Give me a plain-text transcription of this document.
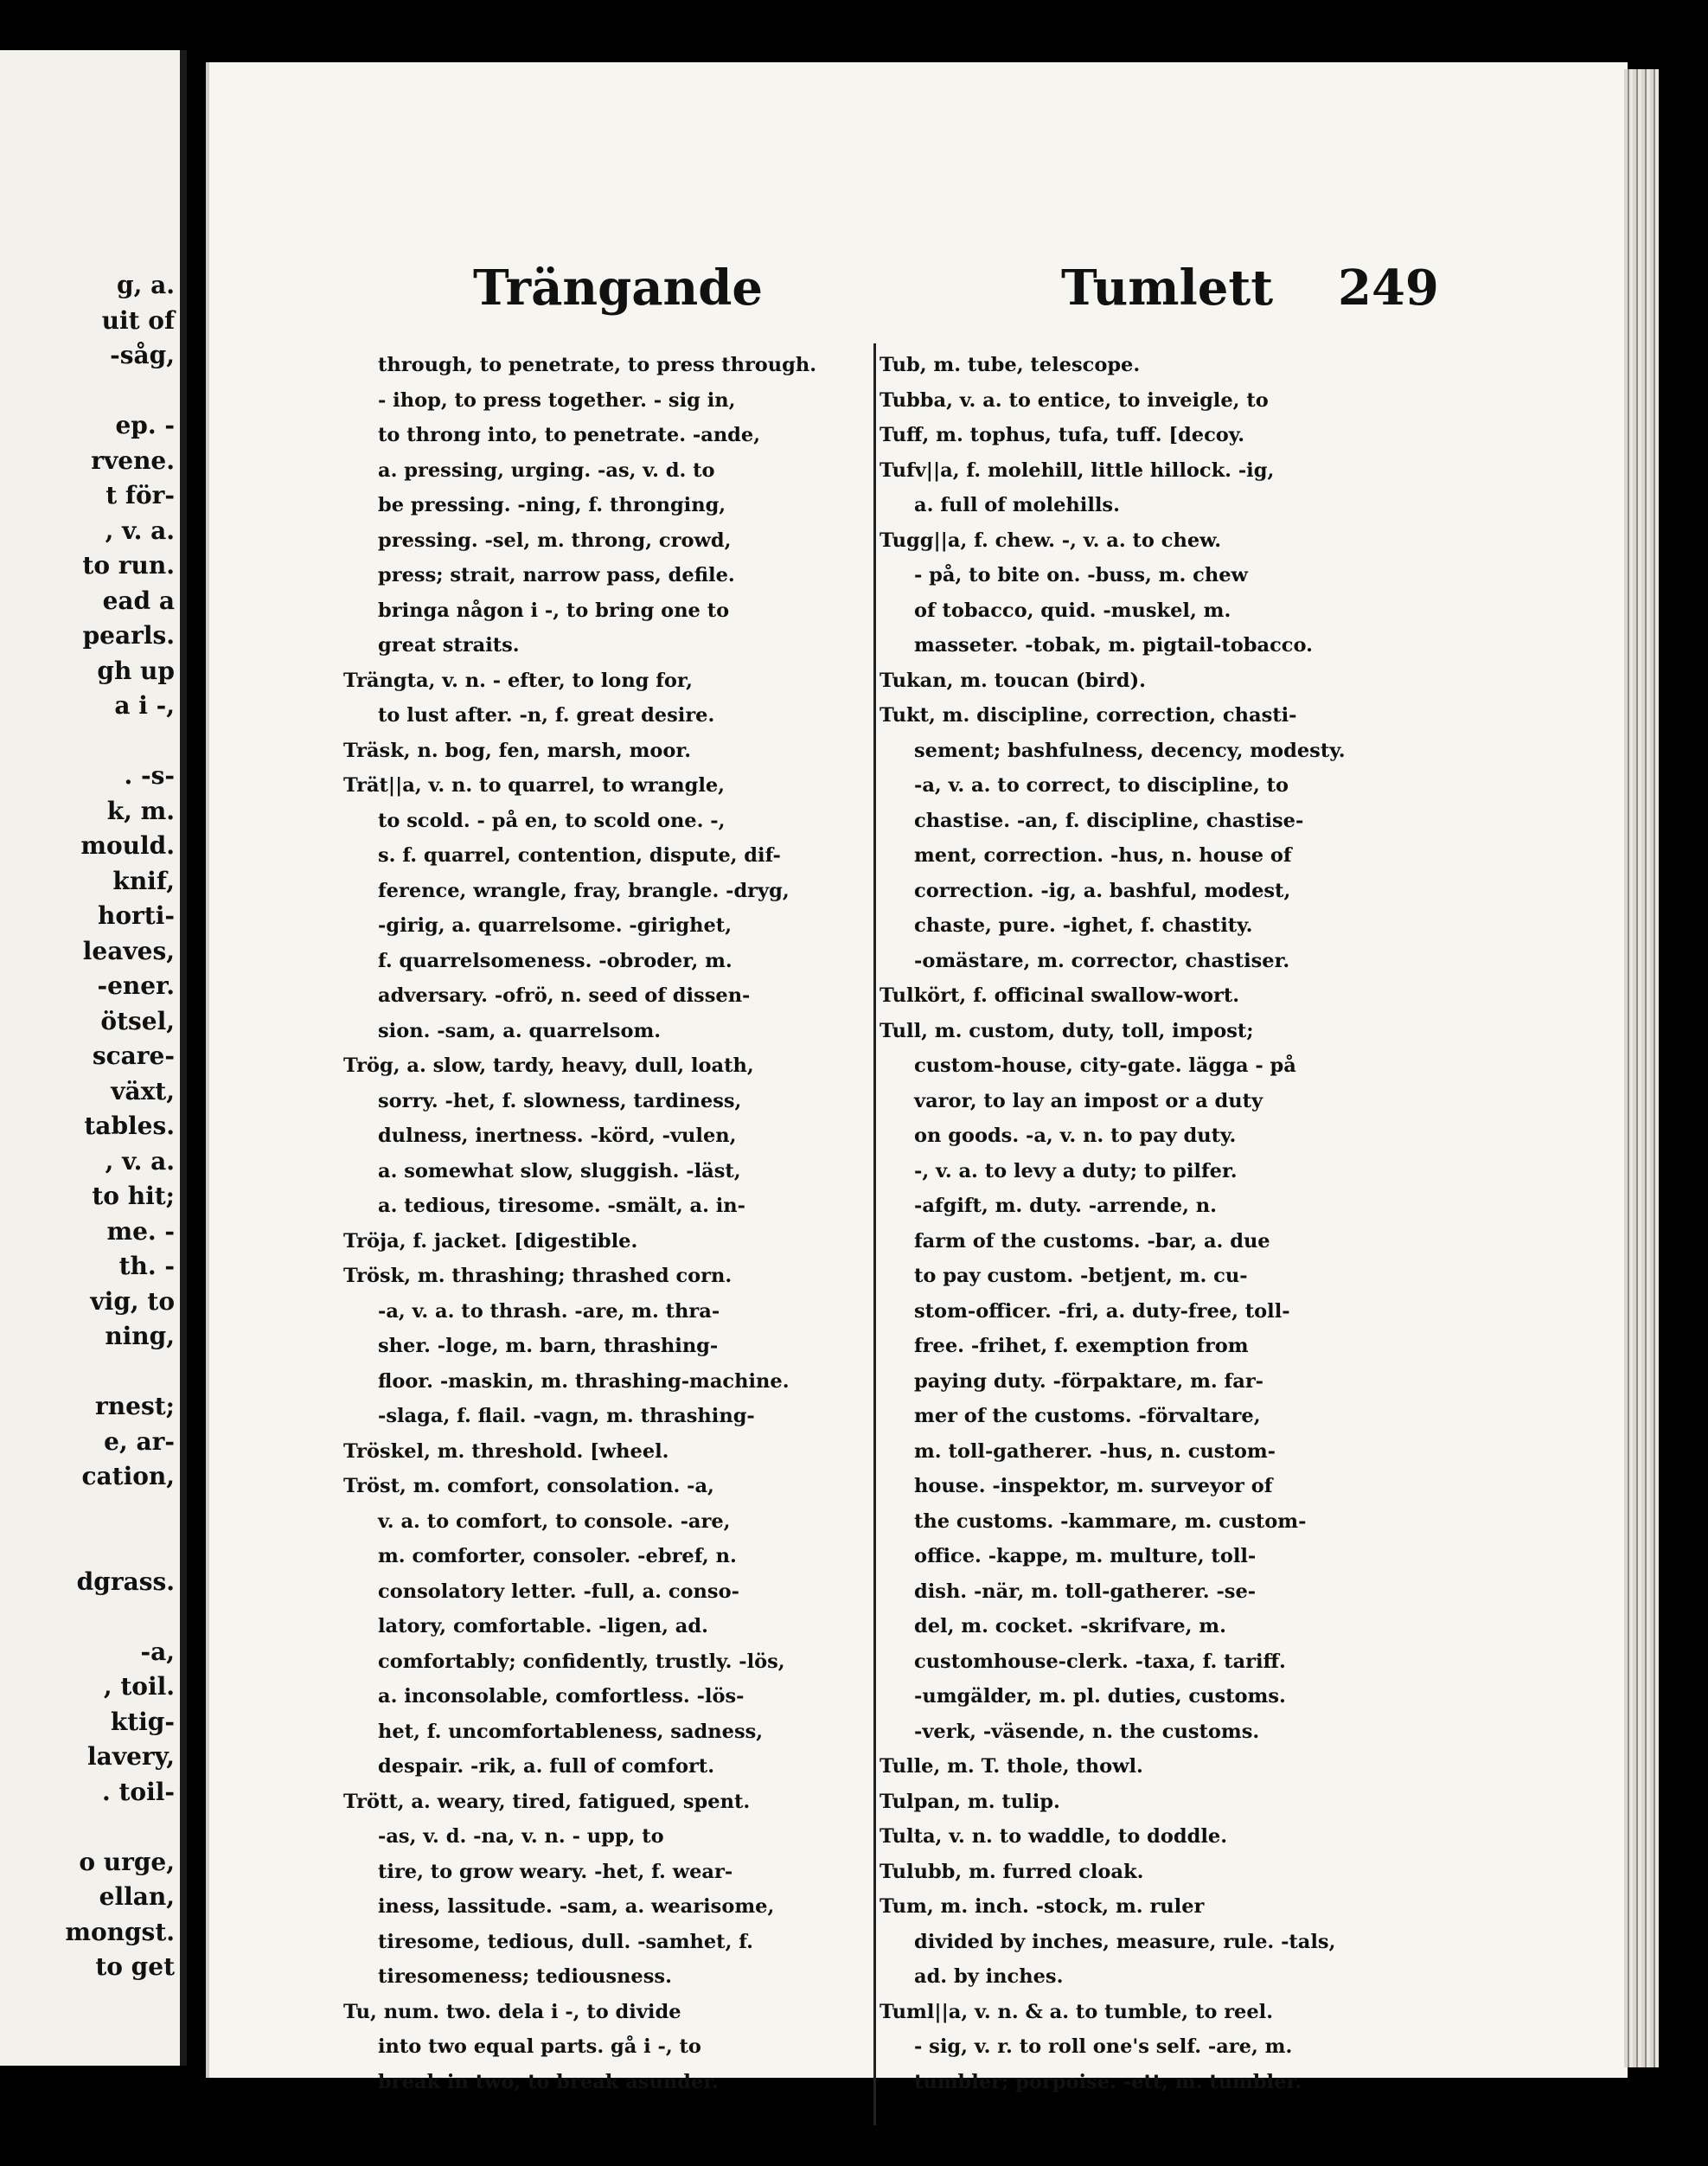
g, a.
uit of
-såg,
ep. -
rvene.
t för-
, v. a.
to run.
ead a
pearls.
gh up
a i -,
. -s-
k, m.
mould.
knif,
horti-
leaves,
-ener.
ötsel,
scare-
växt,
tables.
, v. a.
to hit;
me. -
th. -
vig, to
ning,
rnest;
e, ar-
cation,
dgrass.
-a,
, toil.
ktig-
lavery,
. toil-
o urge,
ellan,
mongst.
to get
Trängande	Tumlett 249
through, to penetrate, to press through.
- ihop, to press together. - sig in,
to throng into, to penetrate. -ande,
a. pressing, urging. -as, v. d. to
be pressing. -ning, f. thronging,
pressing. -sel, m. throng, crowd,
press; strait, narrow pass, defile.
bringa någon i -, to bring one to
great straits.
Trängta, v. n. - efter, to long for,
to lust after. -n, f. great desire.
Träsk, n. bog, fen, marsh, moor.
Trät||a, v. n. to quarrel, to wrangle,
to scold. - på en, to scold one. -,
s. f. quarrel, contention, dispute, dif-
ference, wrangle, fray, brangle. -dryg,
-girig, a. quarrelsome. -girighet,
f. quarrelsomeness. -obroder, m.
adversary. -ofrö, n. seed of dissen-
sion. -sam, a. quarrelsom.
Trög, a. slow, tardy, heavy, dull, loath,
sorry. -het, f. slowness, tardiness,
dulness, inertness. -körd, -vulen,
a. somewhat slow, sluggish. -läst,
a. tedious, tiresome. -smält, a. in-
Tröja, f. jacket. [digestible.
Trösk, m. thrashing; thrashed corn.
-a, v. a. to thrash. -are, m. thra-
sher. -loge, m. barn, thrashing-
floor. -maskin, m. thrashing-machine.
-slaga, f. flail. -vagn, m. thrashing-
Tröskel, m. threshold. [wheel.
Tröst, m. comfort, consolation. -a,
v. a. to comfort, to console. -are,
m. comforter, consoler. -ebref, n.
consolatory letter. -full, a. conso-
latory, comfortable. -ligen, ad.
comfortably; confidently, trustly. -lös,
a. inconsolable, comfortless. -lös-
het, f. uncomfortableness, sadness,
despair. -rik, a. full of comfort.
Trött, a. weary, tired, fatigued, spent.
-as, v. d. -na, v. n. - upp, to
tire, to grow weary. -het, f. wear-
iness, lassitude. -sam, a. wearisome,
tiresome, tedious, dull. -samhet, f.
tiresomeness; tediousness.
Tu, num. two. dela i -, to divide
into two equal parts. gå i -, to
break in two, to break asunder.
Tub, m. tube, telescope.
Tubba, v. a. to entice, to inveigle, to
Tuff, m. tophus, tufa, tuff. [decoy.
Tufv||a, f. molehill, little hillock. -ig,
a. full of molehills.
Tugg||a, f. chew. -, v. a. to chew.
- på, to bite on. -buss, m. chew
of tobacco, quid. -muskel, m.
masseter. -tobak, m. pigtail-tobacco.
Tukan, m. toucan (bird).
Tukt, m. discipline, correction, chasti-
sement; bashfulness, decency, modesty.
-a, v. a. to correct, to discipline, to
chastise. -an, f. discipline, chastise-
ment, correction. -hus, n. house of
correction. -ig, a. bashful, modest,
chaste, pure. -ighet, f. chastity.
-omästare, m. corrector, chastiser.
Tulkört, f. officinal swallow-wort.
Tull, m. custom, duty, toll, impost;
custom-house, city-gate. lägga - på
varor, to lay an impost or a duty
on goods. -a, v. n. to pay duty.
-, v. a. to levy a duty; to pilfer.
-afgift, m. duty. -arrende, n.
farm of the customs. -bar, a. due
to pay custom. -betjent, m. cu-
stom-officer. -fri, a. duty-free, toll-
free. -frihet, f. exemption from
paying duty. -förpaktare, m. far-
mer of the customs. -förvaltare,
m. toll-gatherer. -hus, n. custom-
house. -inspektor, m. surveyor of
the customs. -kammare, m. custom-
office. -kappe, m. multure, toll-
dish. -när, m. toll-gatherer. -se-
del, m. cocket. -skrifvare, m.
customhouse-clerk. -taxa, f. tariff.
-umgälder, m. pl. duties, customs.
-verk, -väsende, n. the customs.
Tulle, m. T. thole, thowl.
Tulpan, m. tulip.
Tulta, v. n. to waddle, to doddle.
Tulubb, m. furred cloak.
Tum, m. inch. -stock, m. ruler
divided by inches, measure, rule. -tals,
ad. by inches.
Tuml||a, v. n. & a. to tumble, to reel.
- sig, v. r. to roll one's self. -are, m.
tumbler; porpoise. -ett, m. tumbler.
